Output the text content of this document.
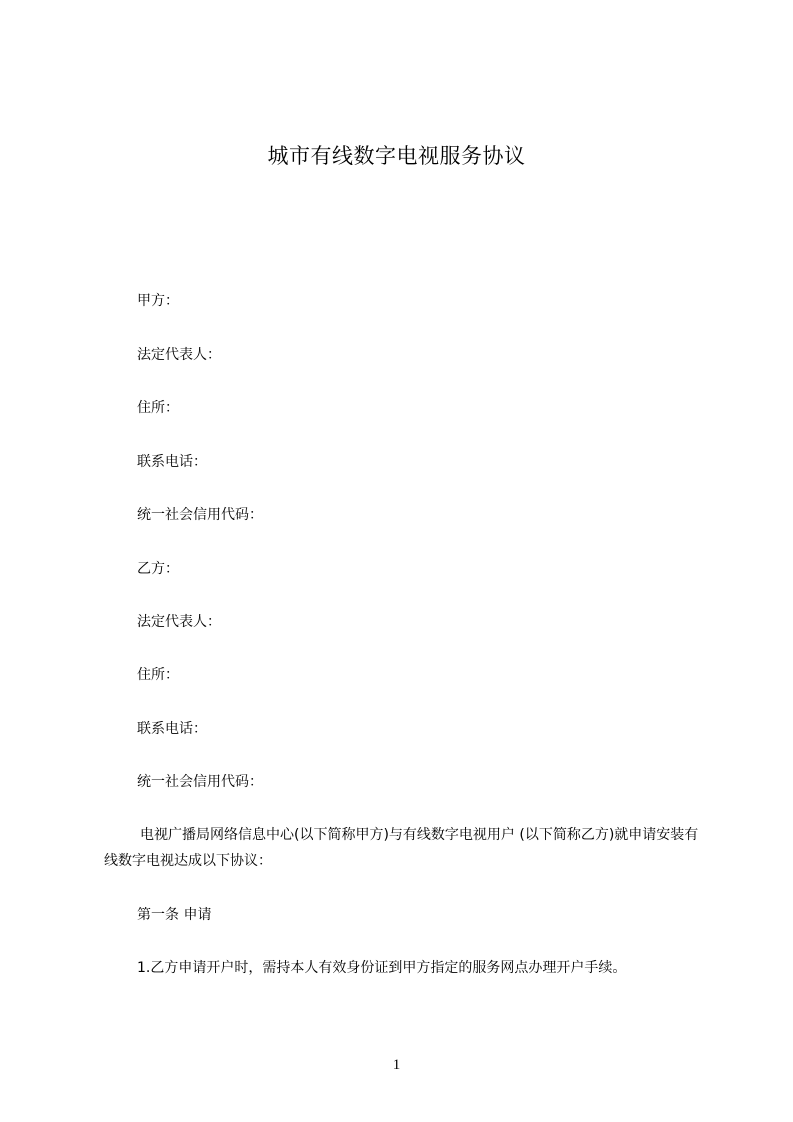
城市有线数字电视服务协议
甲方：
法定代表人：
住所：
联系电话：
统一社会信用代码：
乙方：
法定代表人：
住所：
联系电话：
统一社会信用代码：
电视广播局网络信息中心(以下简称甲方)与有线数字电视用户 (以下简称乙方)就申请安装有线数字电视达成以下协议：
第一条 申请
1.乙方申请开户时，需持本人有效身份证到甲方指定的服务网点办理开户手续。
1
